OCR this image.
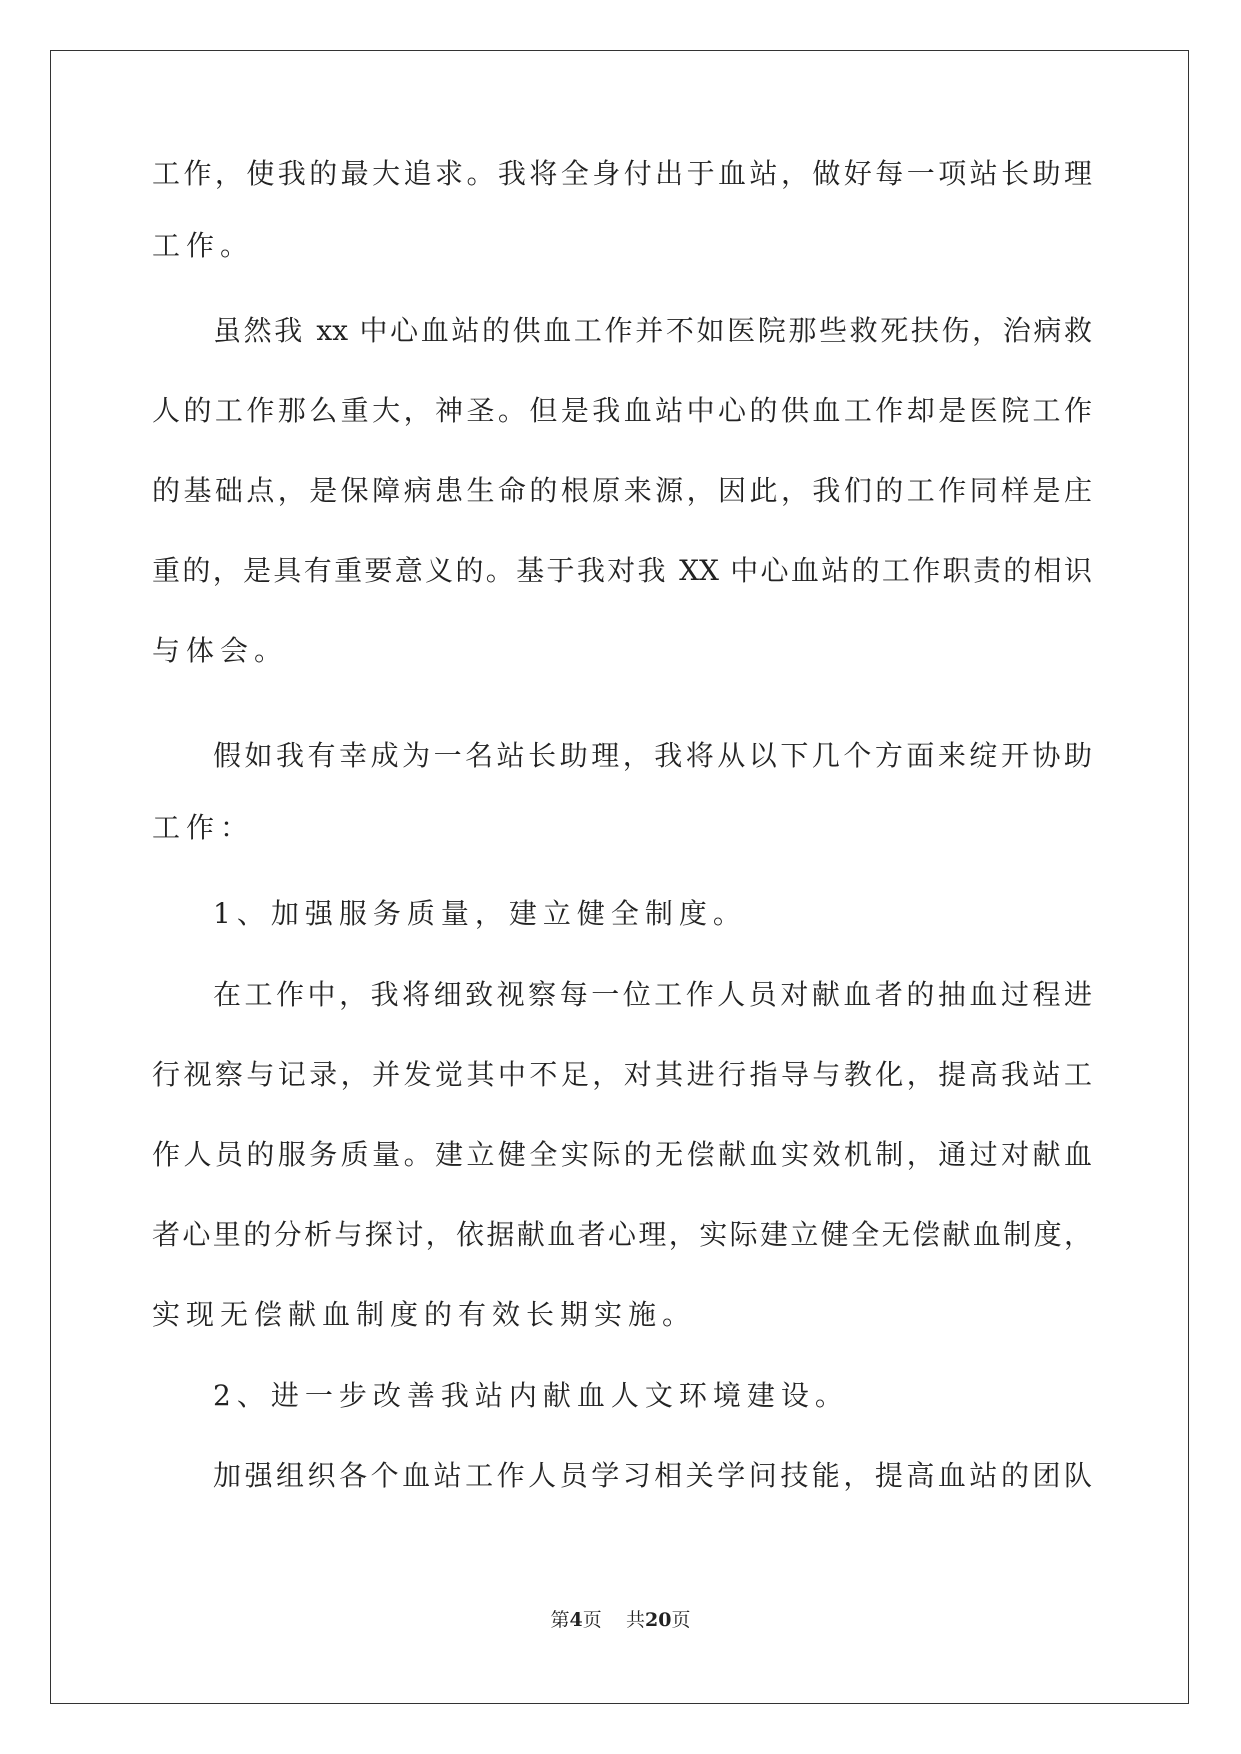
工作，使我的最大追求。我将全身付出于血站，做好每一项站长助理

工作。

虽然我 xx 中心血站的供血工作并不如医院那些救死扶伤，治病救

人的工作那么重大，神圣。但是我血站中心的供血工作却是医院工作

的基础点，是保障病患生命的根原来源，因此，我们的工作同样是庄

重的，是具有重要意义的。基于我对我 XX 中心血站的工作职责的相识

与体会。

假如我有幸成为一名站长助理，我将从以下几个方面来绽开协助

工作：

1、加强服务质量，建立健全制度。

在工作中，我将细致视察每一位工作人员对献血者的抽血过程进

行视察与记录，并发觉其中不足，对其进行指导与教化，提高我站工

作人员的服务质量。建立健全实际的无偿献血实效机制，通过对献血

者心里的分析与探讨，依据献血者心理，实际建立健全无偿献血制度，

实现无偿献血制度的有效长期实施。

2、进一步改善我站内献血人文环境建设。

加强组织各个血站工作人员学习相关学问技能，提高血站的团队

第4页 共20页
